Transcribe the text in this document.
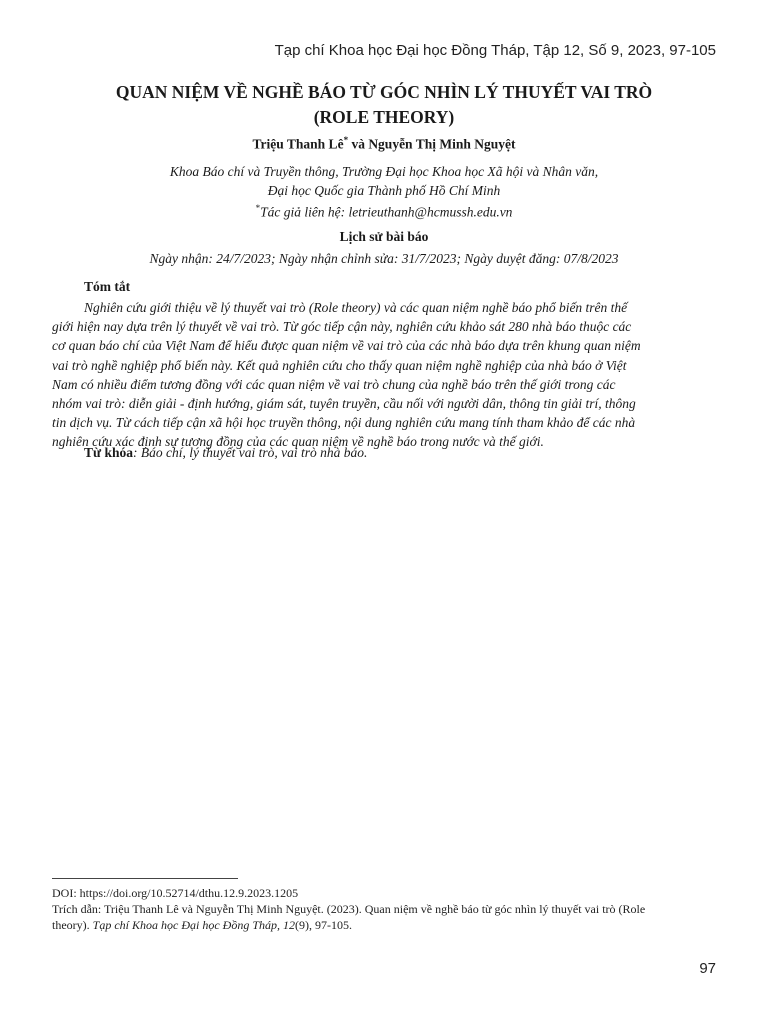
Tạp chí Khoa học Đại học Đồng Tháp, Tập 12, Số 9, 2023, 97-105
QUAN NIỆM VỀ NGHỀ BÁO TỪ GÓC NHÌN LÝ THUYẾT VAI TRÒ
(ROLE THEORY)
Triệu Thanh Lê* và Nguyễn Thị Minh Nguyệt
Khoa Báo chí và Truyền thông, Trường Đại học Khoa học Xã hội và Nhân văn,
Đại học Quốc gia Thành phố Hồ Chí Minh
*Tác giả liên hệ: letrieuthanh@hcmussh.edu.vn
Lịch sử bài báo
Ngày nhận: 24/7/2023; Ngày nhận chỉnh sửa: 31/7/2023; Ngày duyệt đăng: 07/8/2023
Tóm tắt
Nghiên cứu giới thiệu về lý thuyết vai trò (Role theory) và các quan niệm nghề báo phổ biến trên thế
giới hiện nay dựa trên lý thuyết về vai trò. Từ góc tiếp cận này, nghiên cứu khảo sát 280 nhà báo thuộc các
cơ quan báo chí của Việt Nam để hiểu được quan niệm về vai trò của các nhà báo dựa trên khung quan niệm
vai trò nghề nghiệp phổ biến này. Kết quả nghiên cứu cho thấy quan niệm nghề nghiệp của nhà báo ở Việt
Nam có nhiều điểm tương đồng với các quan niệm về vai trò chung của nghề báo trên thế giới trong các
nhóm vai trò: diễn giải - định hướng, giám sát, tuyên truyền, cầu nối với người dân, thông tin giải trí, thông
tin dịch vụ. Từ cách tiếp cận xã hội học truyền thông, nội dung nghiên cứu mang tính tham khảo để các nhà
nghiên cứu xác định sự tương đồng của các quan niệm về nghề báo trong nước và thế giới.
Từ khóa: Báo chí, lý thuyết vai trò, vai trò nhà báo.
DOI: https://doi.org/10.52714/dthu.12.9.2023.1205
Trích dẫn: Triệu Thanh Lê và Nguyễn Thị Minh Nguyệt. (2023). Quan niệm về nghề báo từ góc nhìn lý thuyết vai trò (Role
theory). Tạp chí Khoa học Đại học Đồng Tháp, 12(9), 97-105.
97
